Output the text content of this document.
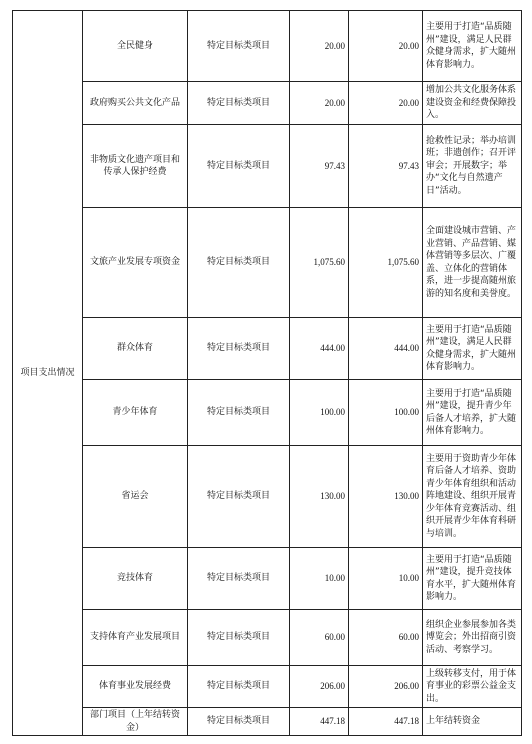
项目支出情况	全民健身	特定目标类项目	20.00	20.00	主要用于打造“品质随州”建设，满足人民群众健身需求，扩大随州体育影响力。
	政府购买公共文化产品	特定目标类项目	20.00	20.00	增加公共文化服务体系建设资金和经费保障投入。
	非物质文化遗产项目和传承人保护经费	特定目标类项目	97.43	97.43	抢救性记录；举办培训班；非遗创作；召开评审会；开展数字；举办“文化与自然遗产日”活动。
	文旅产业发展专项资金	特定目标类项目	1,075.60	1,075.60	全面建设城市营销、产业营销、产品营销、媒体营销等多层次、广覆盖、立体化的营销体系，进一步提高随州旅游的知名度和美誉度。
	群众体育	特定目标类项目	444.00	444.00	主要用于打造“品质随州”建设，满足人民群众健身需求，扩大随州体育影响力。
	青少年体育	特定目标类项目	100.00	100.00	主要用于打造“品质随州”建设，提升青少年后备人才培养，扩大随州体育影响力。
	省运会	特定目标类项目	130.00	130.00	主要用于资助青少年体育后备人才培养、资助青少年体育组织和活动阵地建设、组织开展青少年体育竞赛活动、组织开展青少年体育科研与培训。
	竞技体育	特定目标类项目	10.00	10.00	主要用于打造“品质随州”建设，提升竞技体育水平，扩大随州体育影响力。
	支持体育产业发展项目	特定目标类项目	60.00	60.00	组织企业参展参加各类博览会；外出招商引资活动、考察学习。
	体育事业发展经费	特定目标类项目	206.00	206.00	上级转移支付，用于体育事业的彩票公益金支出。
	部门项目（上年结转资金）	特定目标类项目	447.18	447.18	上年结转资金
